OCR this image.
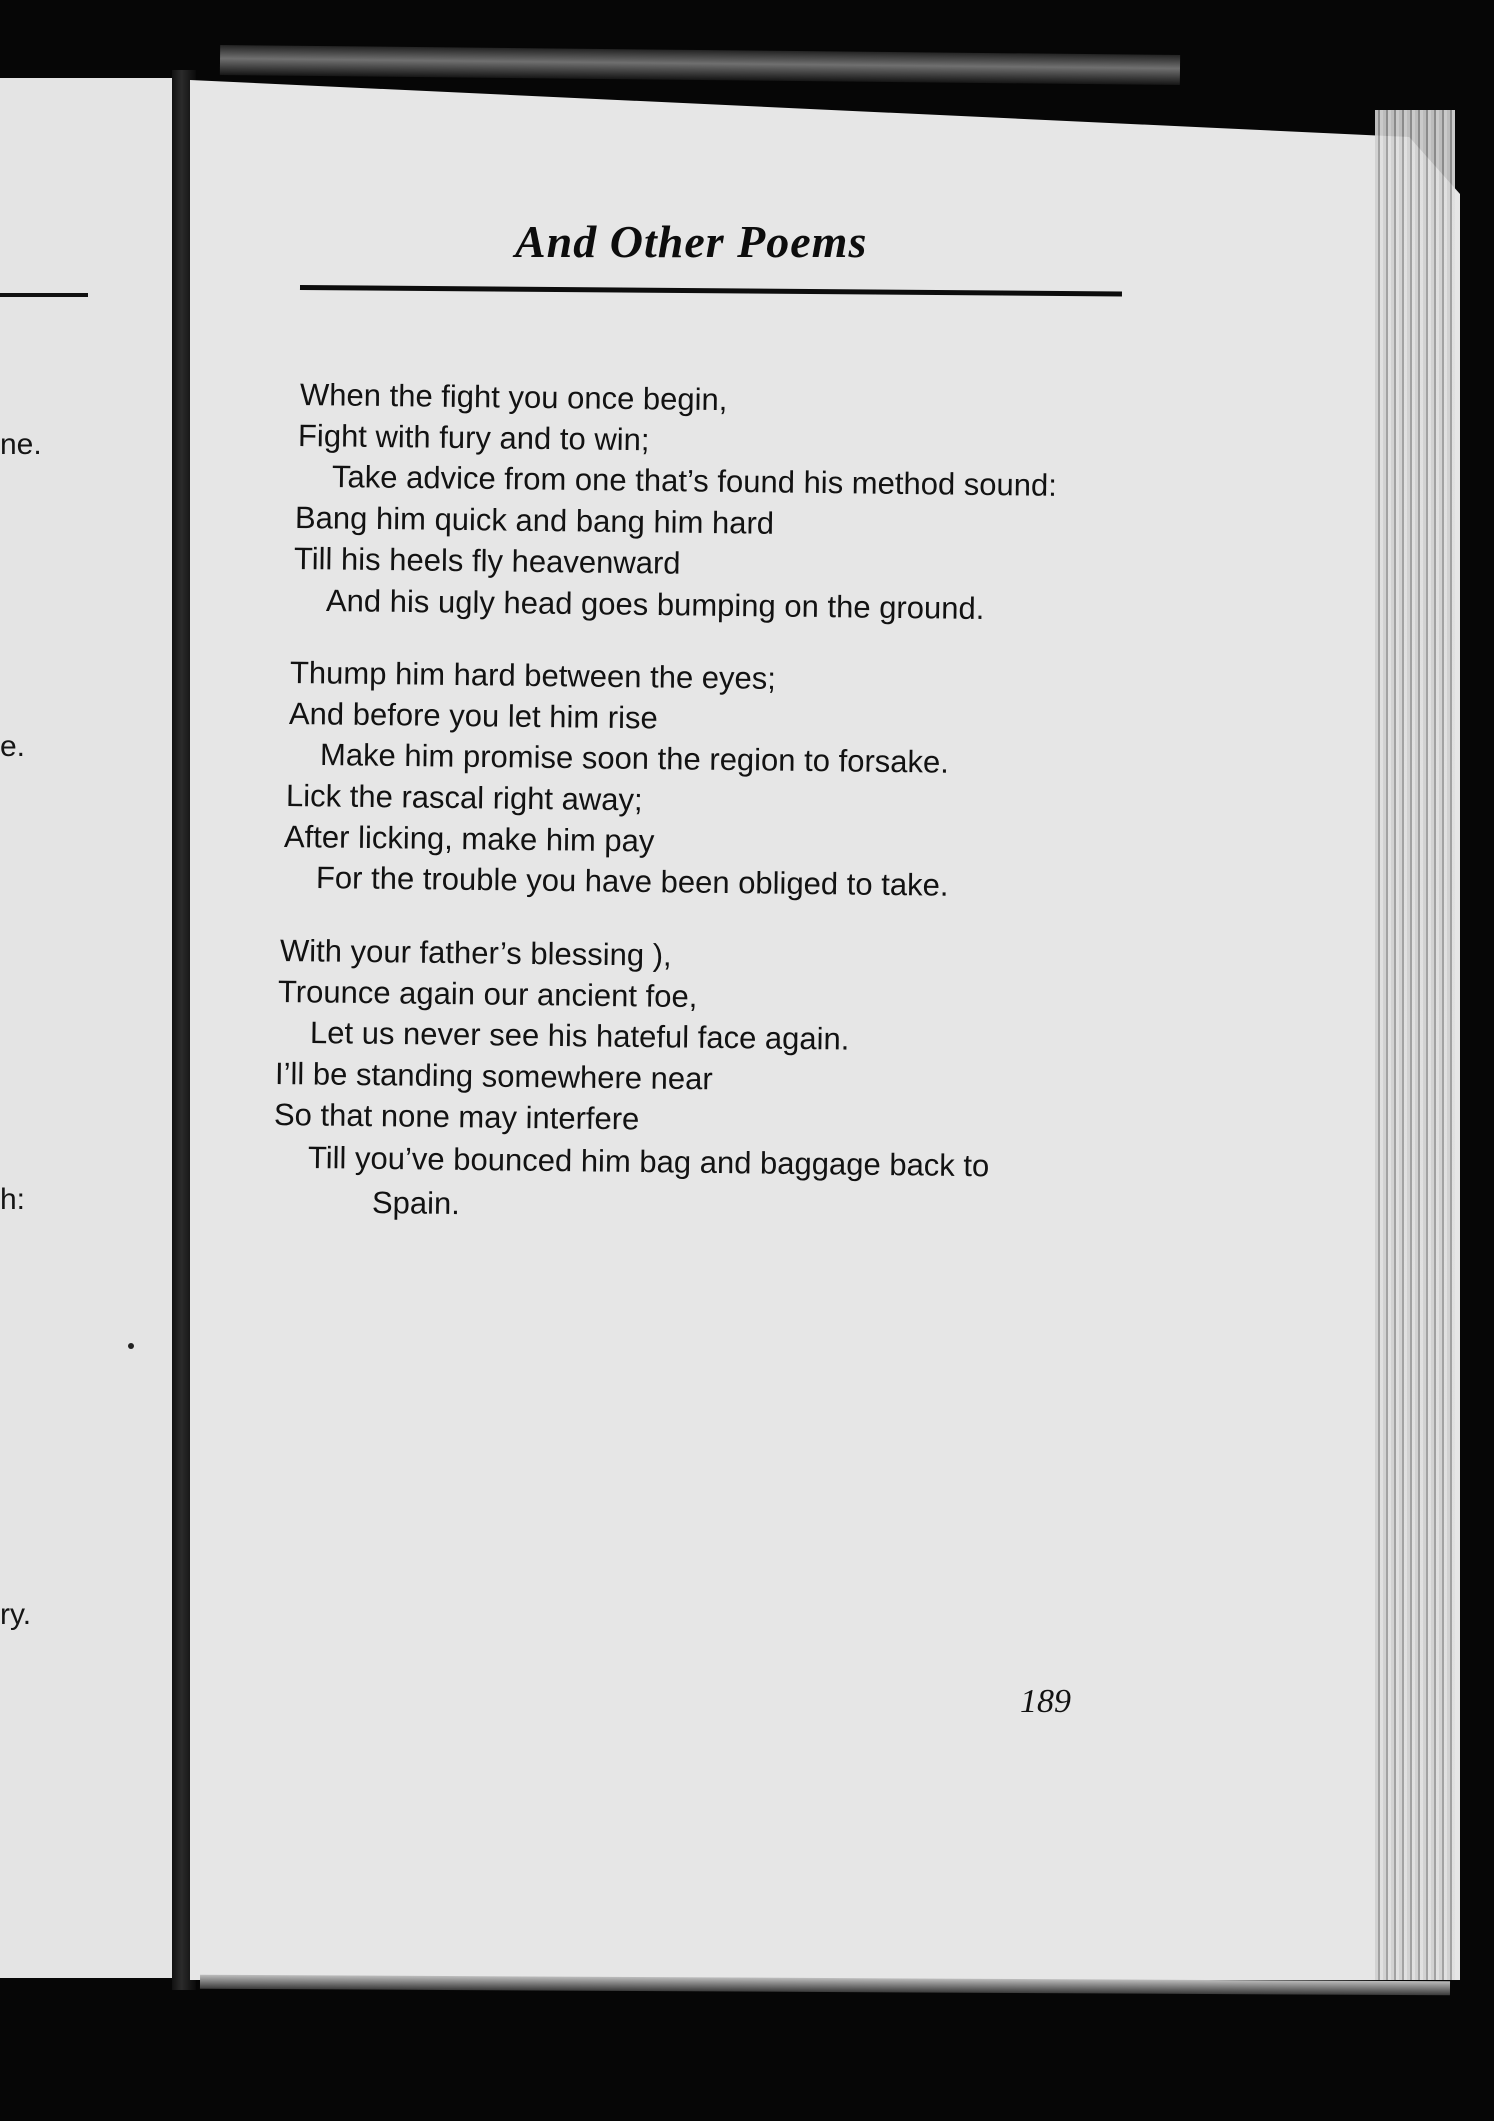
ne.
e.
h:
ry.
And Other Poems
When the fight you once begin,
Fight with fury and to win;
Take advice from one that’s found his method sound:
Bang him quick and bang him hard
Till his heels fly heavenward
And his ugly head goes bumping on the ground.
Thump him hard between the eyes;
And before you let him rise
Make him promise soon the region to forsake.
Lick the rascal right away;
After licking, make him pay
For the trouble you have been obliged to take.
With your father’s blessing ),
Trounce again our ancient foe,
Let us never see his hateful face again.
I’ll be standing somewhere near
So that none may interfere
Till you’ve bounced him bag and baggage back to
Spain.
189
